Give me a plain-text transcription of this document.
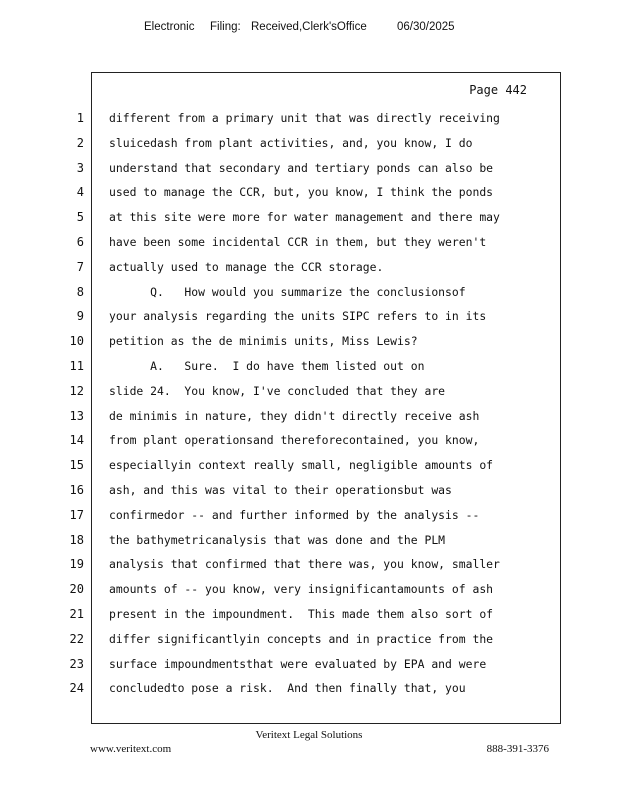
Electronic Filing: Received,Clerk'sOffice	06/30/2025
Page 442
1
2
3
4
5
6
7
8
9
10
11
12
13
14
15
16
17
18
19
20
21
22
23
24
different from a primary unit that was directly receiving
sluicedash from plant activities, and, you know, I do
understand that secondary and tertiary ponds can also be
used to manage the CCR, but, you know, I think the ponds
at this site were more for water management and there may
have been some incidental CCR in them, but they weren't
actually used to manage the CCR storage.
Q.   How would you summarize the conclusionsof
your analysis regarding the units SIPC refers to in its
petition as the de minimis units, Miss Lewis?
A.   Sure.  I do have them listed out on
slide 24.  You know, I've concluded that they are
de minimis in nature, they didn't directly receive ash
from plant operationsand thereforecontained, you know,
especiallyin context really small, negligible amounts of
ash, and this was vital to their operationsbut was
confirmedor -- and further informed by the analysis --
the bathymetricanalysis that was done and the PLM
analysis that confirmed that there was, you know, smaller
amounts of -- you know, very insignificantamounts of ash
present in the impoundment.  This made them also sort of
differ significantlyin concepts and in practice from the
surface impoundmentsthat were evaluated by EPA and were
concludedto pose a risk.  And then finally that, you
Veritext Legal Solutions
www.veritext.com	888-391-3376
